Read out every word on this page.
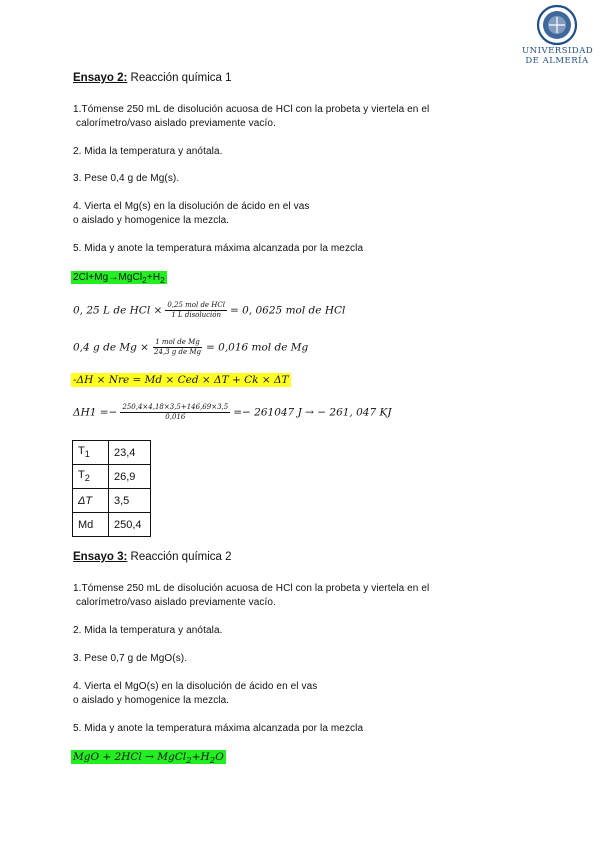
UNIVERSIDAD
DE ALMERÍA
Ensayo 2: Reacción química 1
1.Tómense 250 mL de disolución acuosa de HCl con la probeta y viertela en el
calorímetro/vaso aislado previamente vacío.
2. Mida la temperatura y anótala.
3. Pese 0,4 g de Mg(s).
4. Vierta el Mg(s) en la disolución de ácido en el vas
o aislado y homogenice la mezcla.
5. Mida y anote la temperatura máxima alcanzada por la mezcla
$2Cl+Mg\to MgCl_2+H_2$
0, 25 L de HCl × $\frac{\text{0,25 mol de HCl}}{\text{1 L disolución}} = 0$, 0625 mol de HCl
0,4 g de $Mg \times \frac{\text{1 mol de Mg}}{\text{24,3 g de Mg}} = 0,016$ mol de Mg
-ΔH × Nre = Md × Ced × ΔT + Ck × ΔT
$\Delta H1 =- \frac{250,4\times 4,18\times 3,5+146,69\times 3,5}{0,016} =- 261047$ J → − 261, 047 KJ
$T_1$	23,4
$T_2$	26,9
ΔT	3,5
Md	250,4
Ensayo 3: Reacción química 2
1.Tómense 250 mL de disolución acuosa de HCl con la probeta y viertela en el
calorímetro/vaso aislado previamente vacío.
2. Mida la temperatura y anótala.
3. Pese 0,7 g de MgO(s).
4. Vierta el MgO(s) en la disolución de ácido en el vas
o aislado y homogenice la mezcla.
5. Mida y anote la temperatura máxima alcanzada por la mezcla
MgO + $2HCl \to MgCl_2+H_2O$
